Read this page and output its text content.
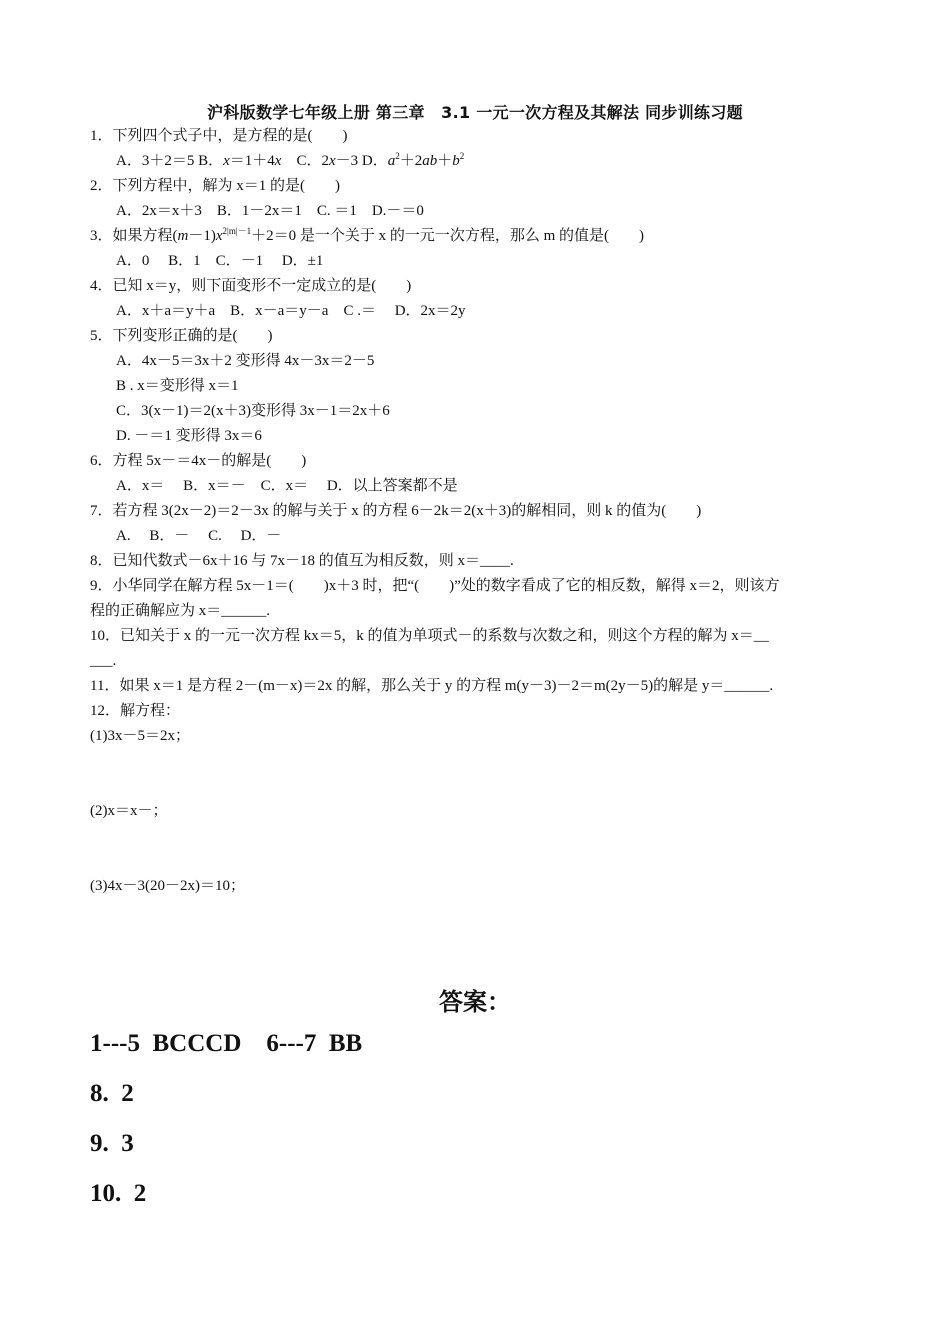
沪科版数学七年级上册 第三章　3.1 一元一次方程及其解法 同步训练习题
1．下列四个式子中，是方程的是(　　)
A．3＋2＝5 B．x＝1＋4x　C．2x－3 D．$a^2+2ab+b^2$
2．下列方程中，解为 x＝1 的是(　　)
A．2x＝x＋3　B．1－2x＝1　C. ＝1　D.－＝0
3．如果方程$(m-1)x^{2|m|-1}+2=0$ 是一个关于 x 的一元一次方程，那么 m 的值是(　　)
A．0　 B．1　C．－1　 D．±1
4．已知 x＝y，则下面变形不一定成立的是(　　)
A．x＋a＝y＋a　B．x－a＝y－a　C .＝　 D．2x＝2y
5．下列变形正确的是(　　)
A．4x－5＝3x＋2 变形得 4x－3x＝2－5
B . x＝变形得 x＝1
C．3(x－1)＝2(x＋3)变形得 3x－1＝2x＋6
D. －＝1 变形得 3x＝6
6．方程 5x－＝4x－的解是(　　)
A．x＝　 B．x＝－　C．x＝　 D．以上答案都不是
7．若方程 3(2x－2)＝2－3x 的解与关于 x 的方程 6－2k＝2(x＋3)的解相同，则 k 的值为(　　)
A.　 B．－　 C.　 D．－
8．已知代数式－6x＋16 与 7x－18 的值互为相反数，则 x＝____.
9．小华同学在解方程 5x－1＝(　　)x＋3 时，把“(　　)”处的数字看成了它的相反数，解得 x＝2，则该方
程的正确解应为 x＝______.
10．已知关于 x 的一元一次方程 kx＝5，k 的值为单项式－的系数与次数之和，则这个方程的解为 x＝__
___.
11．如果 x＝1 是方程 2－(m－x)＝2x 的解，那么关于 y 的方程 m(y－3)－2＝m(2y－5)的解是 y＝______.
12．解方程：
(1)3x－5＝2x；
(2)x＝x－；
(3)4x－3(20－2x)＝10；
答案：
1---5  BCCCD    6---7  BB
8.  2
9.  3
10.  2
